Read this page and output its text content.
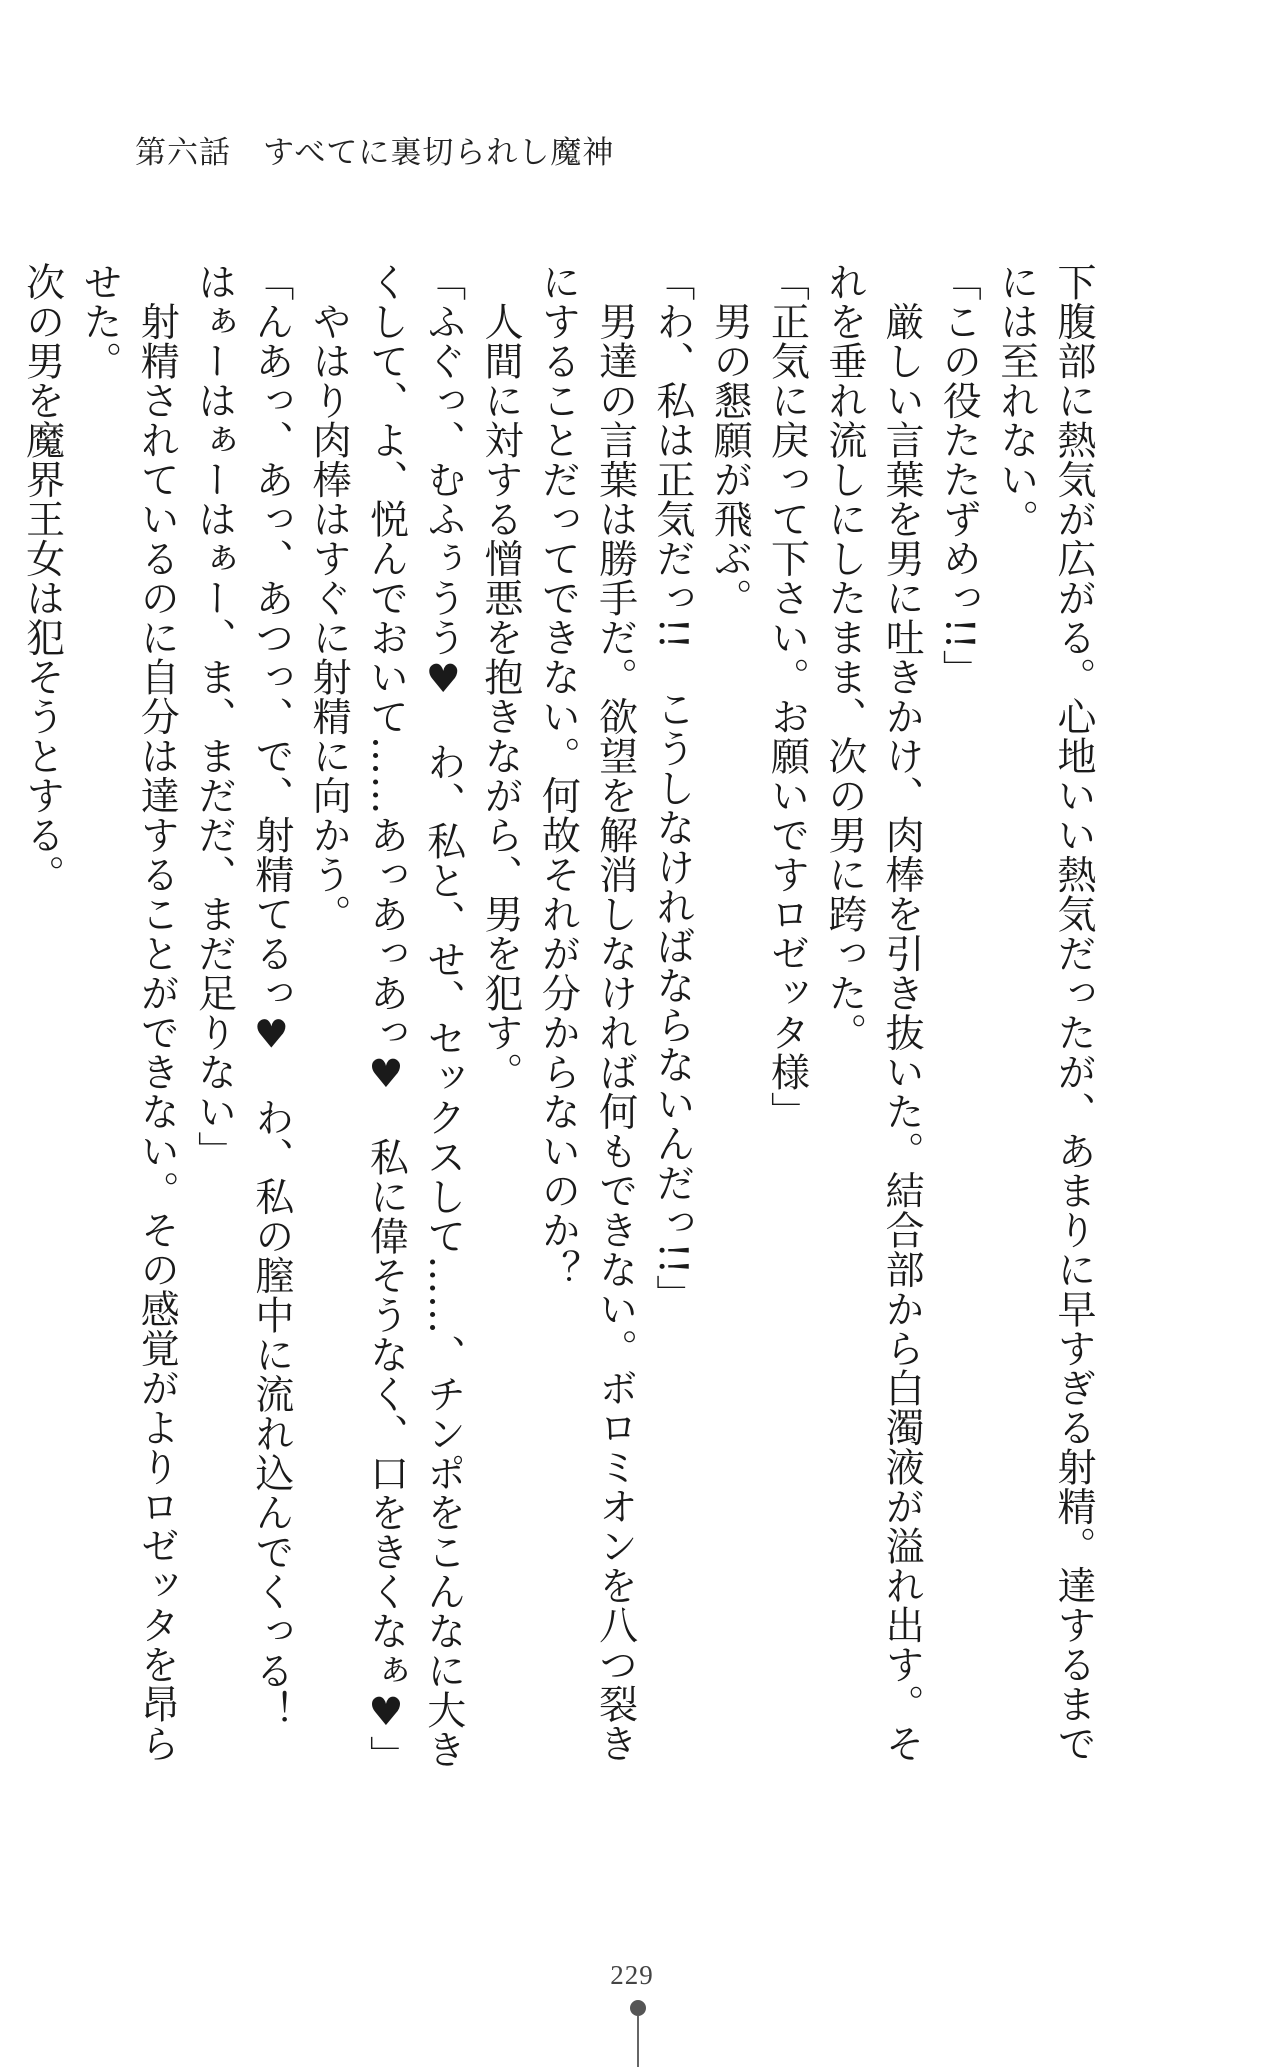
第六話　すべてに裏切られし魔神

下腹部に熱気が広がる。心地いい熱気だったが、あまりに早すぎる射精。達するまでには至れない。

「この役たたずめっ!!」

　厳しい言葉を男に吐きかけ、肉棒を引き抜いた。結合部から白濁液が溢れ出す。それを垂れ流しにしたまま、次の男に跨った。

「正気に戻って下さい。お願いですロゼッタ様」

　男の懇願が飛ぶ。

「わ、私は正気だっ!!　こうしなければならないんだっ!!」

　男達の言葉は勝手だ。欲望を解消しなければ何もできない。ボロミオンを八つ裂きにすることだってできない。何故それが分からないのか？

　人間に対する憎悪を抱きながら、男を犯す。

「ふぐっ、むふぅうう♥　わ、私と、せ、セックスして……、チンポをこんなに大きくして、よ、悦んでおいて……あっあっあっ♥　私に偉そうなく、口をきくなぁ♥」

　やはり肉棒はすぐに射精に向かう。

「んあっ、あっ、あつっ、で、射精てるっ♥　わ、私の膣中に流れ込んでくっる！　はぁーはぁーはぁー、ま、まだだ、まだ足りない」

　射精されているのに自分は達することができない。その感覚がよりロゼッタを昂らせた。

次の男を魔界王女は犯そうとする。

229
